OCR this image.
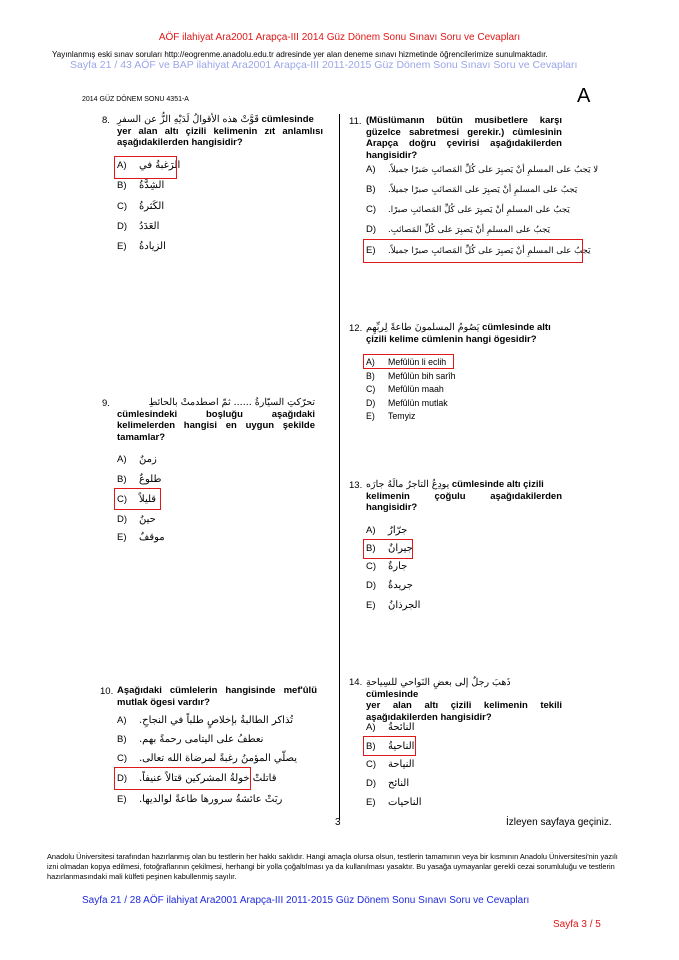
AÖF ilahiyat Ara2001 Arapça-III 2014 Güz Dönem Sonu Sınavı Soru ve Cevapları
Yayınlanmış eski sınav soruları http://eogrenme.anadolu.edu.tr adresinde yer alan deneme sınavı hizmetinde öğrencilerimize sunulmaktadır.
Sayfa 21 / 43 AÖF ve BAP ilahiyat Ara2001 Arapça-III 2011-2015 Güz Dönem Sonu Sınavı Soru ve Cevapları
2014 GÜZ DÖNEM SONU 4351-A	A
8. قَوَّتْ هذه الأقوالُ لَدَيْهِ الزُّ عن السفرِ cümlesinde
yer alan altı çizili kelimenin zıt anlamlısı aşağıdakilerden hangisidir?
A) الرَغبةُ في
B) الشِدَّةُ
C) الكَثرةُ
D) العَدَدُ
E) الزيادةُ
9.	تحرّكتِ السيّارةُ ...... ثمّ اصطدمتْ بالحائطِ
cümlesindeki boşluğu aşağıdaki kelimelerden hangisi en uygun şekilde tamamlar?
A) زمنٌ
B) طلوعٌ
C) قليلاً
D) حينٌ
E) موقفٌ
10. Aşağıdaki cümlelerin hangisinde mef'ûlü mutlak ögesi vardır?
A) تُذاكر الطالبةُ بإخلاصٍ طلباً في النجاحِ.
B) نعطفُ على اليتامى رحمةً بهم.
C) يصلّي المؤمنُ رغبةً لمرضاة الله تعالى.
D) قاتلتْ خولةُ المشركين قتالاً عنيفاً.
E) ربَتْ عائشةُ سرورها طاعةً لوالديها.
11. (Müslümanın bütün musibetlere karşı güzelce sabretmesi gerekir.) cümlesinin Arapça doğru çevirisi aşağıdakilerden hangisidir?
A) لا يَجبُ على المسلمِ أنْ يَصبِرَ على كُلِّ المَصائبِ صَبرًا جميلاً.
B) يَجبُ على المسلمِ أنْ يَصبِرَ على المَصائبِ صبرًا جميلاً.
C) يَجبُ على المسلمِ أنْ يَصبِرَ على كُلِّ المَصائبِ صبرًا.
D) يَجبُ على المسلمِ أنْ يَصبِرَ على كُلِّ المَصائبِ.
E) يَجبُ على المسلمِ أنْ يَصبِرَ على كُلِّ المَصائبِ صبرًا جميلاً.
12. يَصُومُ المسلمونَ طاعةً لِربِّهِم cümlesinde altı çizili kelime cümlenin hangi ögesidir?
A) Mefûlün li eclih
B) Mefûlün bih sarîh
C) Mefûlün maah
D) Mefûlün mutlak
E) Temyiz
13. يودِعُ التاجرُ مالَهُ جارَه cümlesinde altı çizili
kelimenin çoğulu aşağıdakilerden hangisidir?
A) جرّارٌ
B) جيرانٌ
C) جارةٌ
D) جريدةٌ
E) الجرذانُ
14. ذَهبَ رجلٌ إلى بعضِ النَواحي للسِياحةِ cümlesinde
yer alan altı çizili kelimenin tekili aşağıdakilerden hangisidir?
A) النائحةُ
B) الناحيةُ
C) النياحة
D) النائح
E) الناحيات
3	İzleyen sayfaya geçiniz.
Anadolu Üniversitesi tarafından hazırlanmış olan bu testlerin her hakkı saklıdır. Hangi amaçla olursa olsun, testlerin tamamının veya bir kısmının Anadolu Üniversitesi'nin yazılı izni olmadan kopya edilmesi, fotoğraflarının çekilmesi, herhangi bir yolla çoğaltılması ya da kullanılması yasaktır. Bu yasağa uymayanlar gerekli cezai sorumluluğu ve testlerin hazırlanmasındaki mali külfeti peşinen kabullenmiş sayılır.
Sayfa 21 / 28 AÖF ilahiyat Ara2001 Arapça-III 2011-2015 Güz Dönem Sonu Sınavı Soru ve Cevapları
Sayfa 3 / 5
